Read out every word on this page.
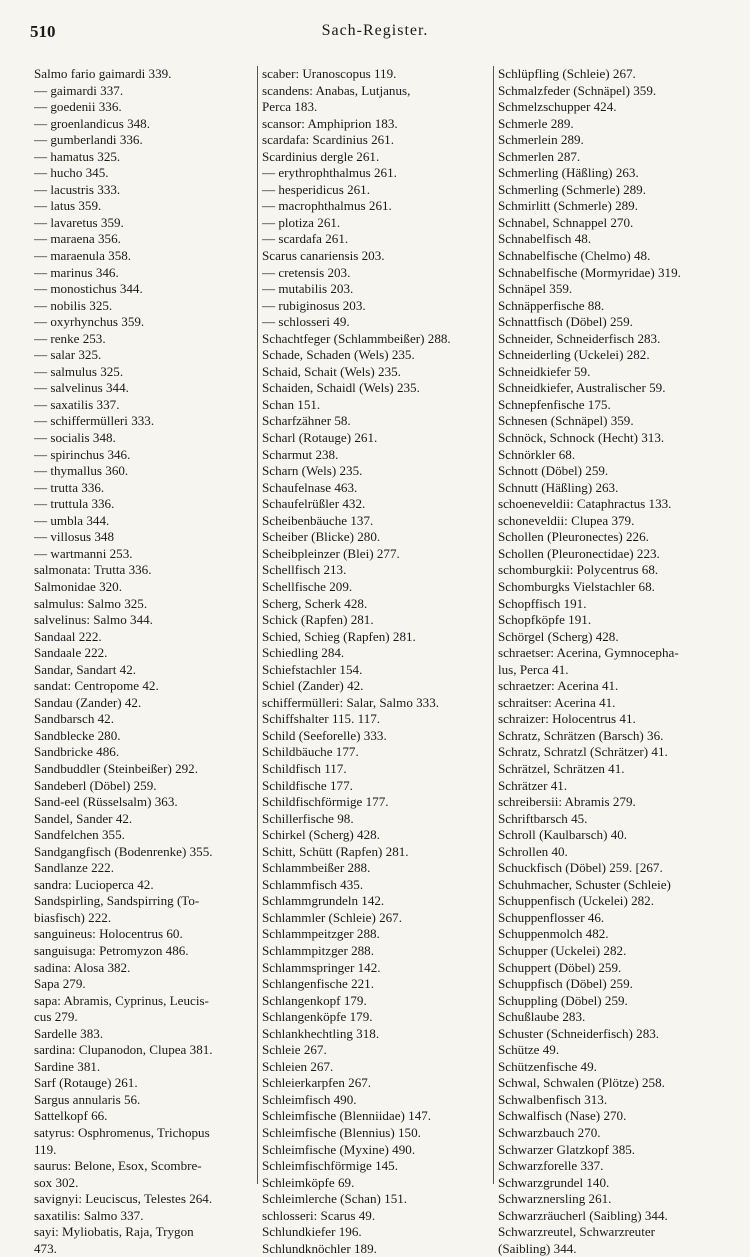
510	Sach-Register.
Salmo fario gaimardi 339.
— gaimardi 337.
— goedenii 336.
— groenlandicus 348.
— gumberlandi 336.
— hamatus 325.
— hucho 345.
— lacustris 333.
— latus 359.
— lavaretus 359.
— maraena 356.
— maraenula 358.
— marinus 346.
— monostichus 344.
— nobilis 325.
— oxyrhynchus 359.
— renke 253.
— salar 325.
— salmulus 325.
— salvelinus 344.
— saxatilis 337.
— schiffermülleri 333.
— socialis 348.
— spirinchus 346.
— thymallus 360.
— trutta 336.
— truttula 336.
— umbla 344.
— villosus 348
— wartmanni 253.
salmonata: Trutta 336.
Salmonidae 320.
salmulus: Salmo 325.
salvelinus: Salmo 344.
Sandaal 222.
Sandaale 222.
Sandar, Sandart 42.
sandat: Centropome 42.
Sandau (Zander) 42.
Sandbarsch 42.
Sandblecke 280.
Sandbricke 486.
Sandbuddler (Steinbeißer) 292.
Sandeberl (Döbel) 259.
Sand-eel (Rüsselsalm) 363.
Sandel, Sander 42.
Sandfelchen 355.
Sandgangfisch (Bodenrenke) 355.
Sandlanze 222.
sandra: Lucioperca 42.
Sandspirling, Sandspirring (To-
biasfisch) 222.
sanguineus: Holocentrus 60.
sanguisuga: Petromyzon 486.
sadina: Alosa 382.
Sapa 279.
sapa: Abramis, Cyprinus, Leucis-
cus 279.
Sardelle 383.
sardina: Clupanodon, Clupea 381.
Sardine 381.
Sarf (Rotauge) 261.
Sargus annularis 56.
Sattelkopf 66.
satyrus: Osphromenus, Trichopus
119.
saurus: Belone, Esox, Scombre-
sox 302.
savignyi: Leuciscus, Telestes 264.
saxatilis: Salmo 337.
sayi: Myliobatis, Raja, Trygon
473.
scaber: Uranoscopus 119.
scandens: Anabas, Lutjanus,
Perca 183.
scansor: Amphiprion 183.
scardafa: Scardinius 261.
Scardinius dergle 261.
— erythrophthalmus 261.
— hesperidicus 261.
— macrophthalmus 261.
— plotiza 261.
— scardafa 261.
Scarus canariensis 203.
— cretensis 203.
— mutabilis 203.
— rubiginosus 203.
— schlosseri 49.
Schachtfeger (Schlammbeißer) 288.
Schade, Schaden (Wels) 235.
Schaid, Schait (Wels) 235.
Schaiden, Schaidl (Wels) 235.
Schan 151.
Scharfzähner 58.
Scharl (Rotauge) 261.
Scharmut 238.
Scharn (Wels) 235.
Schaufelnase 463.
Schaufelrüßler 432.
Scheibenbäuche 137.
Scheiber (Blicke) 280.
Scheibpleinzer (Blei) 277.
Schellfisch 213.
Schellfische 209.
Scherg, Scherk 428.
Schick (Rapfen) 281.
Schied, Schieg (Rapfen) 281.
Schiedling 284.
Schiefstachler 154.
Schiel (Zander) 42.
schiffermülleri: Salar, Salmo 333.
Schiffshalter 115. 117.
Schild (Seeforelle) 333.
Schildbäuche 177.
Schildfisch 117.
Schildfische 177.
Schildfischförmige 177.
Schillerfische 98.
Schirkel (Scherg) 428.
Schitt, Schütt (Rapfen) 281.
Schlammbeißer 288.
Schlammfisch 435.
Schlammgrundeln 142.
Schlammler (Schleie) 267.
Schlammpeitzger 288.
Schlammpitzger 288.
Schlammspringer 142.
Schlangenfische 221.
Schlangenkopf 179.
Schlangenköpfe 179.
Schlankhechtling 318.
Schleie 267.
Schleien 267.
Schleierkarpfen 267.
Schleimfisch 490.
Schleimfische (Blenniidae) 147.
Schleimfische (Blennius) 150.
Schleimfische (Myxine) 490.
Schleimfischförmige 145.
Schleimköpfe 69.
Schleimlerche (Schan) 151.
schlosseri: Scarus 49.
Schlundkiefer 196.
Schlundknöchler 189.
Schlüpfling (Schleie) 267.
Schmalzfeder (Schnäpel) 359.
Schmelzschupper 424.
Schmerle 289.
Schmerlein 289.
Schmerlen 287.
Schmerling (Häßling) 263.
Schmerling (Schmerle) 289.
Schmirlitt (Schmerle) 289.
Schnabel, Schnappel 270.
Schnabelfisch 48.
Schnabelfische (Chelmo) 48.
Schnabelfische (Mormyridae) 319.
Schnäpel 359.
Schnäpperfische 88.
Schnattfisch (Döbel) 259.
Schneider, Schneiderfisch 283.
Schneiderling (Uckelei) 282.
Schneidkiefer 59.
Schneidkiefer, Australischer 59.
Schnepfenfische 175.
Schnesen (Schnäpel) 359.
Schnöck, Schnock (Hecht) 313.
Schnörkler 68.
Schnott (Döbel) 259.
Schnutt (Häßling) 263.
schoeneveldii: Cataphractus 133.
schoneveldii: Clupea 379.
Schollen (Pleuronectes) 226.
Schollen (Pleuronectidae) 223.
schomburgkii: Polycentrus 68.
Schomburgks Vielstachler 68.
Schopffisch 191.
Schopfköpfe 191.
Schörgel (Scherg) 428.
schraetser: Acerina, Gymnocepha-
lus, Perca 41.
schraetzer: Acerina 41.
schraitser: Acerina 41.
schraizer: Holocentrus 41.
Schratz, Schrätzen (Barsch) 36.
Schratz, Schratzl (Schrätzer) 41.
Schrätzel, Schrätzen 41.
Schrätzer 41.
schreibersii: Abramis 279.
Schriftbarsch 45.
Schroll (Kaulbarsch) 40.
Schrollen 40.
Schuckfisch (Döbel) 259. [267.
Schuhmacher, Schuster (Schleie)
Schuppenfisch (Uckelei) 282.
Schuppenflosser 46.
Schuppenmolch 482.
Schupper (Uckelei) 282.
Schuppert (Döbel) 259.
Schuppfisch (Döbel) 259.
Schuppling (Döbel) 259.
Schußlaube 283.
Schuster (Schneiderfisch) 283.
Schütze 49.
Schützenfische 49.
Schwal, Schwalen (Plötze) 258.
Schwalbenfisch 313.
Schwalfisch (Nase) 270.
Schwarzbauch 270.
Schwarzer Glatzkopf 385.
Schwarzforelle 337.
Schwarzgrundel 140.
Schwarznersling 261.
Schwarzräucherl (Saibling) 344.
Schwarzreutel, Schwarzreuter
(Saibling) 344.
